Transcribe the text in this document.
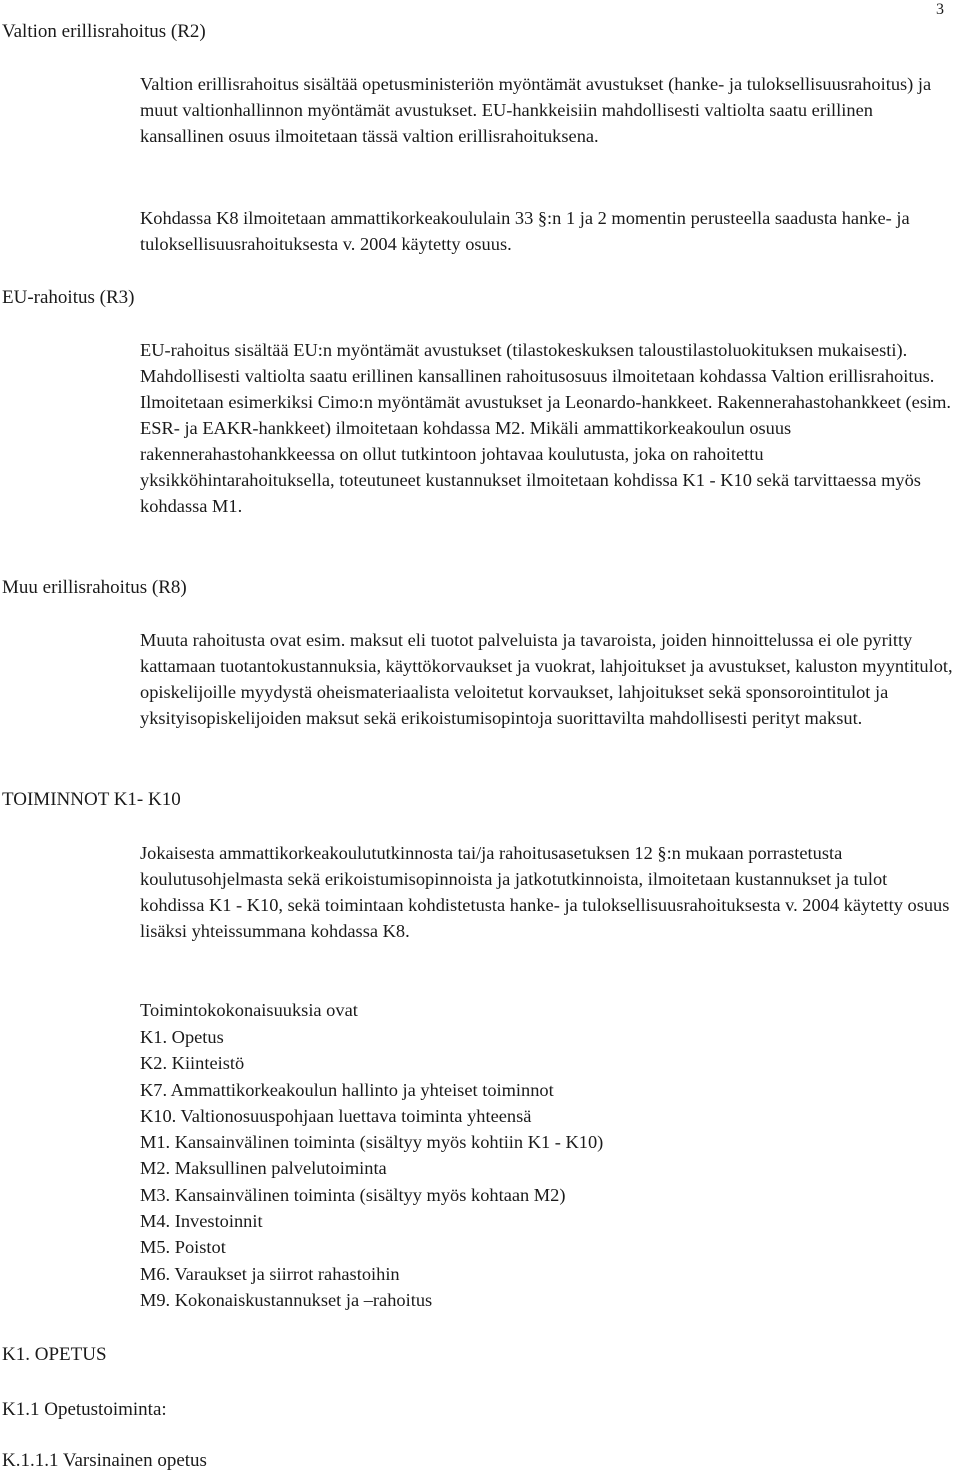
3
Valtion erillisrahoitus (R2)

Valtion erillisrahoitus sisältää opetusministeriön myöntämät avustukset (hanke- ja tuloksellisuusrahoitus) ja muut valtionhallinnon myöntämät avustukset. EU-hankkeisiin mahdollisesti valtiolta saatu erillinen kansallinen osuus ilmoitetaan tässä valtion erillisrahoituksena.

Kohdassa K8 ilmoitetaan ammattikorkeakoululain 33 §:n 1 ja 2 momentin perusteella saadusta hanke- ja tuloksellisuusrahoituksesta v. 2004 käytetty osuus.

EU-rahoitus (R3)

EU-rahoitus sisältää EU:n myöntämät avustukset (tilastokeskuksen taloustilastoluokituksen mukaisesti). Mahdollisesti valtiolta saatu erillinen kansallinen rahoitusosuus ilmoitetaan kohdassa Valtion erillisrahoitus. Ilmoitetaan esimerkiksi Cimo:n myöntämät avustukset ja Leonardo-hankkeet. Rakennerahastohankkeet (esim. ESR- ja EAKR-hankkeet) ilmoitetaan kohdassa M2. Mikäli ammattikorkeakoulun osuus rakennerahastohankkeessa on ollut tutkintoon johtavaa koulutusta, joka on rahoitettu yksikköhintarahoituksella, toteutuneet kustannukset ilmoitetaan kohdissa K1 - K10 sekä tarvittaessa myös kohdassa M1.

Muu erillisrahoitus (R8)

Muuta rahoitusta ovat esim. maksut eli tuotot palveluista ja tavaroista, joiden hinnoittelussa ei ole pyritty kattamaan tuotantokustannuksia, käyttökorvaukset ja vuokrat, lahjoitukset ja avustukset, kaluston myyntitulot, opiskelijoille myydystä oheismateriaalista veloitetut korvaukset, lahjoitukset sekä sponsorointitulot ja yksityisopiskelijoiden maksut sekä erikoistumisopintoja suorittavilta mahdollisesti perityt maksut.

TOIMINNOT K1- K10

Jokaisesta ammattikorkeakoulututkinnosta tai/ja rahoitusasetuksen 12 §:n mukaan porrastetusta koulutusohjelmasta sekä erikoistumisopinnoista ja jatkotutkinnoista, ilmoitetaan kustannukset ja tulot kohdissa K1 - K10, sekä toimintaan kohdistetusta hanke- ja tuloksellisuusrahoituksesta v. 2004 käytetty osuus lisäksi yhteissummana kohdassa K8.

Toimintokokonaisuuksia ovat
K1. Opetus
K2. Kiinteistö
K7. Ammattikorkeakoulun hallinto ja yhteiset toiminnot
K10. Valtionosuuspohjaan luettava toiminta yhteensä
M1. Kansainvälinen toiminta (sisältyy myös kohtiin K1 - K10)
M2. Maksullinen palvelutoiminta
M3. Kansainvälinen toiminta (sisältyy myös kohtaan M2)
M4. Investoinnit
M5. Poistot
M6. Varaukset ja siirrot rahastoihin
M9. Kokonaiskustannukset ja –rahoitus
K1. OPETUS
K1.1 Opetustoiminta:
K.1.1.1 Varsinainen opetus
